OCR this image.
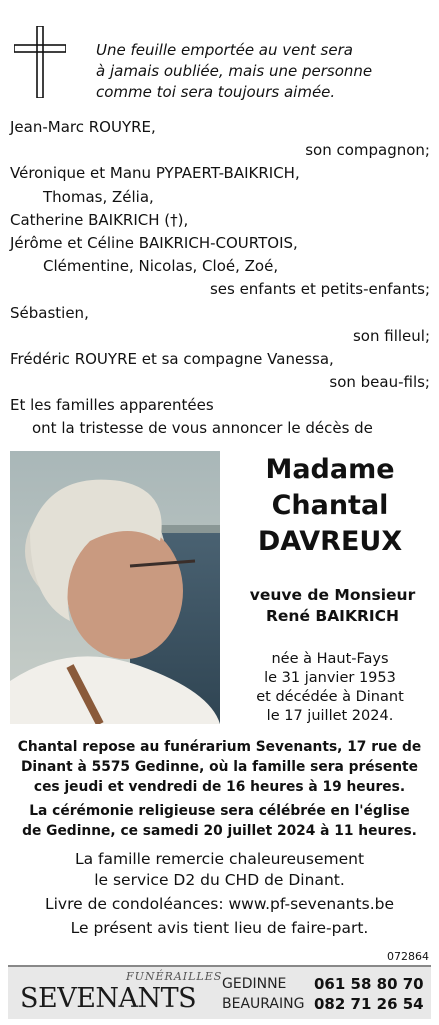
Une feuille emportée au vent sera
à jamais oubliée, mais une personne
comme toi sera toujours aimée.
Jean-Marc ROUYRE,
son compagnon;
Véronique et Manu PYPAERT-BAIKRICH,
Thomas, Zélia,
Catherine BAIKRICH (†),
Jérôme et Céline BAIKRICH-COURTOIS,
Clémentine, Nicolas, Cloé, Zoé,
ses enfants et petits-enfants;
Sébastien,
son filleul;
Frédéric ROUYRE et sa compagne Vanessa,
son beau-fils;
Et les familles apparentées
ont la tristesse de vous annoncer le décès de
Madame
Chantal
DAVREUX
veuve de Monsieur
René BAIKRICH
née à Haut-Fays
le 31 janvier 1953
et décédée à Dinant
le 17 juillet 2024.
Chantal repose au funérarium Sevenants, 17 rue de
Dinant à 5575 Gedinne, où la famille sera présente
ces jeudi et vendredi de 16 heures à 19 heures.
La cérémonie religieuse sera célébrée en l'église
de Gedinne, ce samedi 20 juillet 2024 à 11 heures.
La famille remercie chaleureusement
le service D2 du CHD de Dinant.
Livre de condoléances: www.pf-sevenants.be
Le présent avis tient lieu de faire-part.
072864
FUNÉRAILLES
SEVENANTS GEDINNE 061 58 80 70
BEAURAING 082 71 26 54
